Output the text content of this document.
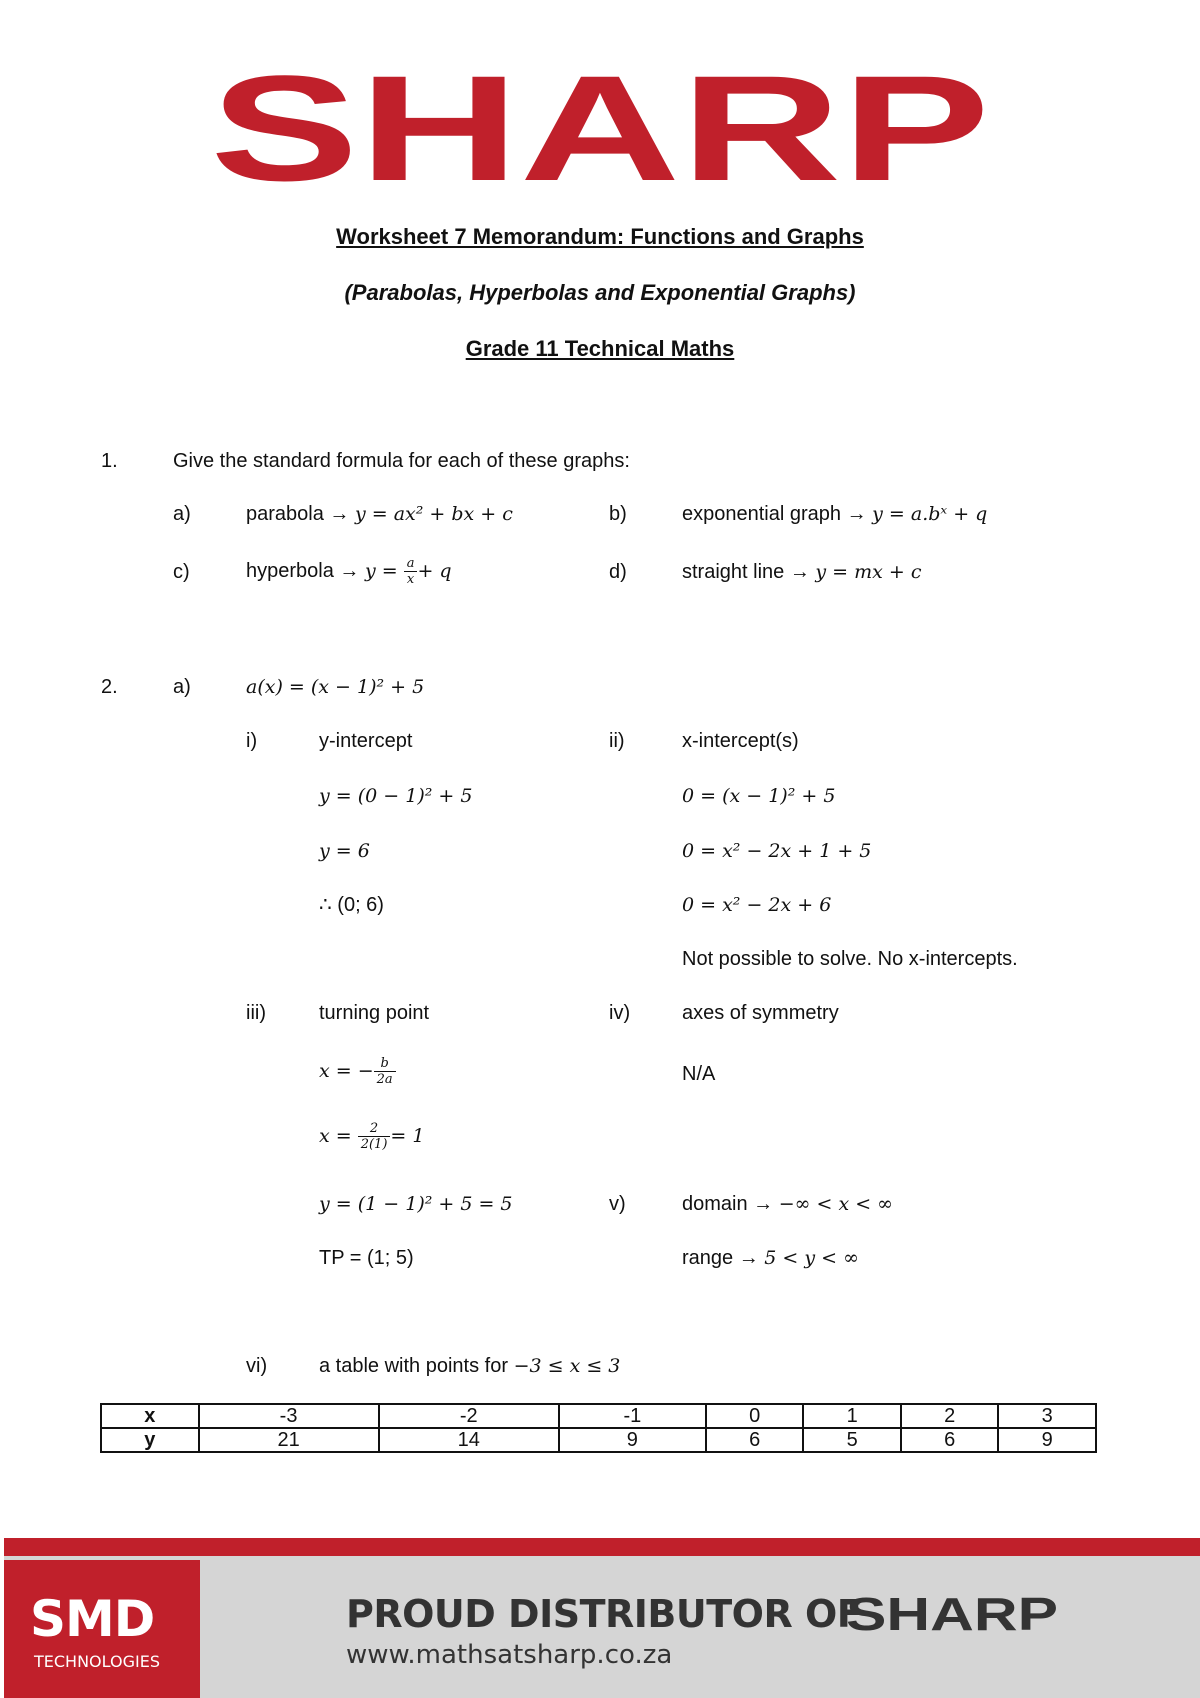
SHARP
Worksheet 7 Memorandum: Functions and Graphs
(Parabolas, Hyperbolas and Exponential Graphs)
Grade 11 Technical Maths
1.	Give the standard formula for each of these graphs:
a)	parabola → y = ax² + bx + c	b)	exponential graph → y = a.bˣ + q
c)	hyperbola → $y = \frac{a}{x} + q$	d)	straight line → y = mx + c
2.	a)	a(x) = (x − 1)² + 5
i)	y-intercept
y = (0 − 1)² + 5
y = 6
∴ (0; 6)
ii)	x-intercept(s)
0 = (x − 1)² + 5
0 = x² − 2x + 1 + 5
0 = x² − 2x + 6
Not possible to solve. No x-intercepts.
iii)	turning point
x = − $\frac{b}{2a}$
$x = \frac{2}{2(1)} = 1$
y = (1 − 1)² + 5 = 5
TP = (1; 5)
iv)	axes of symmetry
N/A
v)	domain → −∞ < x < ∞
range → 5 < y < ∞
vi)	a table with points for −3 ≤ x ≤ 3
x	-3	-2	-1	0	1	2	3
y	21	14	9	6	5	6	9
SMD
TECHNOLOGIES
PROUD DISTRIBUTOR OF
SHARP
www.mathsatsharp.co.za
